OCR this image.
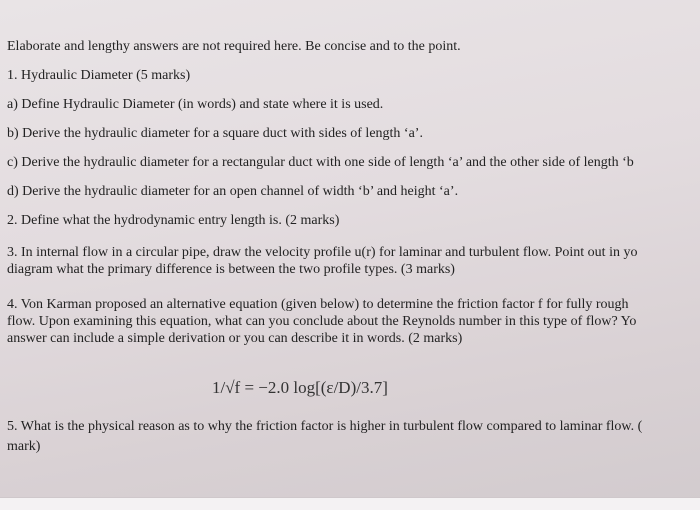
Elaborate and lengthy answers are not required here. Be concise and to the point.
1. Hydraulic Diameter (5 marks)
a) Define Hydraulic Diameter (in words) and state where it is used.
b) Derive the hydraulic diameter for a square duct with sides of length ‘a’.
c) Derive the hydraulic diameter for a rectangular duct with one side of length ‘a’ and the other side of length ‘b
d) Derive the hydraulic diameter for an open channel of width ‘b’ and height ‘a’.
2. Define what the hydrodynamic entry length is. (2 marks)
3. In internal flow in a circular pipe, draw the velocity profile u(r) for laminar and turbulent flow. Point out in yo
diagram what the primary difference is between the two profile types. (3 marks)
4. Von Karman proposed an alternative equation (given below) to determine the friction factor f for fully rough
flow. Upon examining this equation, what can you conclude about the Reynolds number in this type of flow? Yo
answer can include a simple derivation or you can describe it in words. (2 marks)
1/√f = −2.0 log[(ε/D)/3.7]
5. What is the physical reason as to why the friction factor is higher in turbulent flow compared to laminar flow. (
mark)
